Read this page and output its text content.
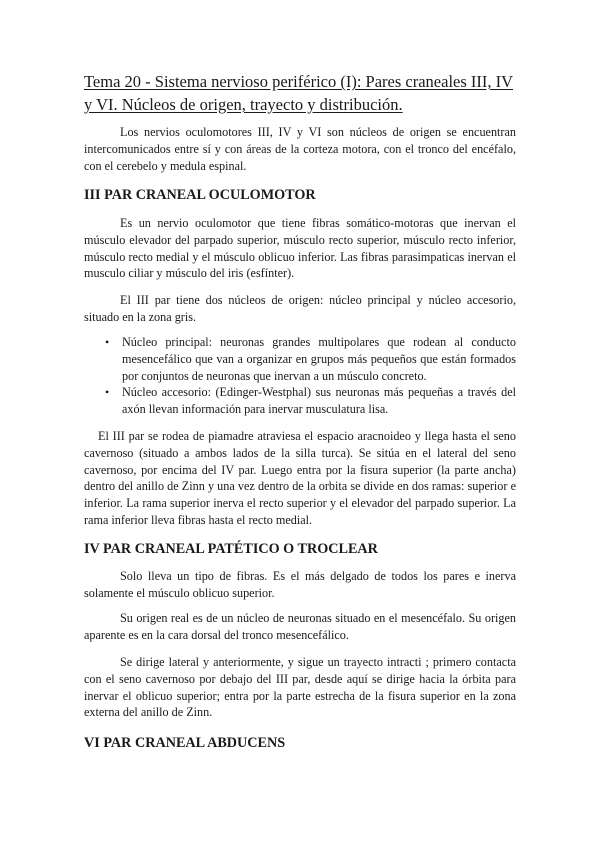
Tema 20 - Sistema nervioso periférico (I): Pares craneales III, IV y VI. Núcleos de origen, trayecto y distribución.

Los nervios oculomotores III, IV y VI son núcleos de origen se encuentran intercomunicados entre sí y con áreas de la corteza motora, con el tronco del encéfalo, con el cerebelo y medula espinal.

III PAR CRANEAL OCULOMOTOR

Es un nervio oculomotor que tiene fibras somático-motoras que inervan el músculo elevador del parpado superior, músculo recto superior, músculo recto inferior, músculo recto medial y el músculo oblicuo inferior. Las fibras parasimpaticas inervan el musculo ciliar y músculo del iris (esfínter).

El III par tiene dos núcleos de origen: núcleo principal y núcleo accesorio, situado en la zona gris.

• Núcleo principal: neuronas grandes multipolares que rodean al conducto mesencefálico que van a organizar en grupos más pequeños que están formados por conjuntos de neuronas que inervan a un músculo concreto.
• Núcleo accesorio: (Edinger-Westphal) sus neuronas más pequeñas a través del axón llevan información para inervar musculatura lisa.

El III par se rodea de piamadre atraviesa el espacio aracnoideo y llega hasta el seno cavernoso (situado a ambos lados de la silla turca). Se sitúa en el lateral del seno cavernoso, por encima del IV par. Luego entra por la fisura superior (la parte ancha) dentro del anillo de Zinn y una vez dentro de la orbita se divide en dos ramas: superior e inferior. La rama superior inerva el recto superior y el elevador del parpado superior. La rama inferior lleva fibras hasta el recto medial.

IV PAR CRANEAL PATÉTICO O TROCLEAR

Solo lleva un tipo de fibras. Es el más delgado de todos los pares e inerva solamente el músculo oblicuo superior.

Su origen real es de un núcleo de neuronas situado en el mesencéfalo. Su origen aparente es en la cara dorsal del tronco mesencefálico.

Se dirige lateral y anteriormente, y sigue un trayecto intracti ; primero contacta con el seno cavernoso por debajo del III par, desde aquí se dirige hacia la órbita para inervar el oblicuo superior; entra por la parte estrecha de la fisura superior en la zona externa del anillo de Zinn.

VI PAR CRANEAL ABDUCENS
